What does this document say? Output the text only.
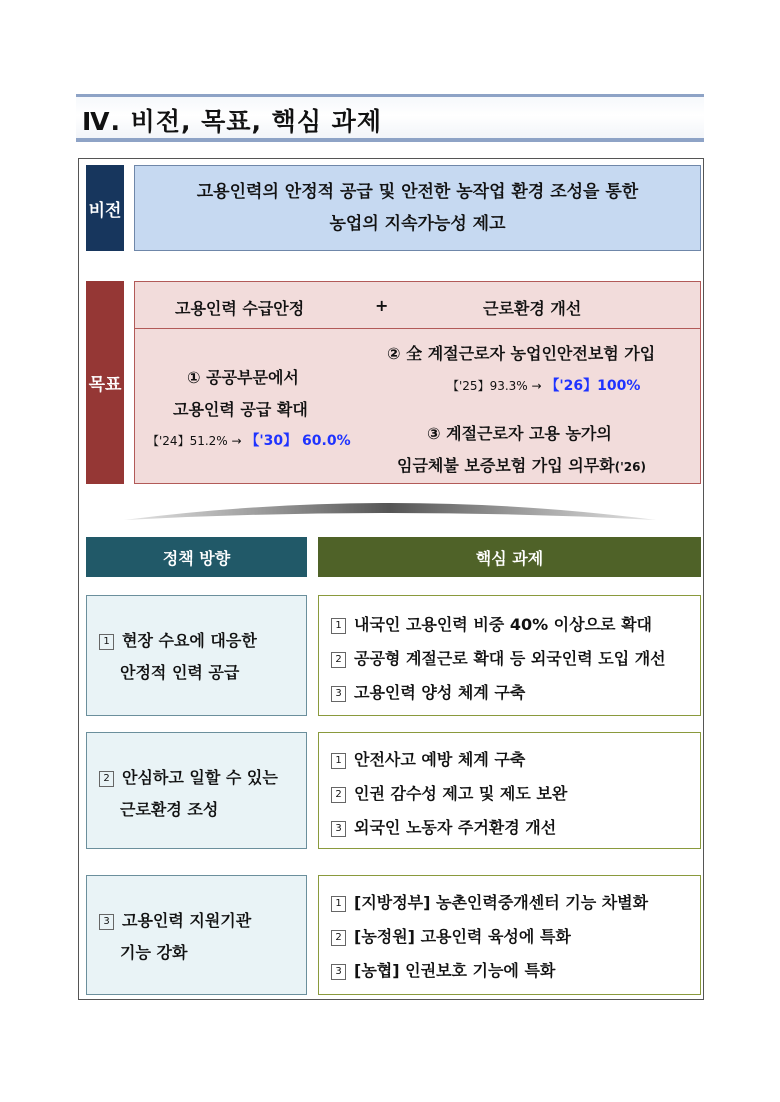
Ⅳ. 비전, 목표, 핵심 과제
비전
고용인력의 안정적 공급 및 안전한 농작업 환경 조성을 통한
농업의 지속가능성 제고
목표
고용인력 수급안정	+	근로환경 개선
① 공공부문에서
고용인력 공급 확대
【'24】51.2% → 【'30】 60.0%
② 全 계절근로자 농업인안전보험 가입
【'25】93.3% → 【'26】100%
③ 계절근로자 고용 농가의
임금체불 보증보험 가입 의무화('26)
정책 방향	핵심 과제
1 현장 수요에 대응한
안정적 인력 공급
1 내국인 고용인력 비중 40% 이상으로 확대
2 공공형 계절근로 확대 등 외국인력 도입 개선
3 고용인력 양성 체계 구축
2 안심하고 일할 수 있는
근로환경 조성
1 안전사고 예방 체계 구축
2 인권 감수성 제고 및 제도 보완
3 외국인 노동자 주거환경 개선
3 고용인력 지원기관
기능 강화
1 [지방정부] 농촌인력중개센터 기능 차별화
2 [농정원] 고용인력 육성에 특화
3 [농협] 인권보호 기능에 특화
